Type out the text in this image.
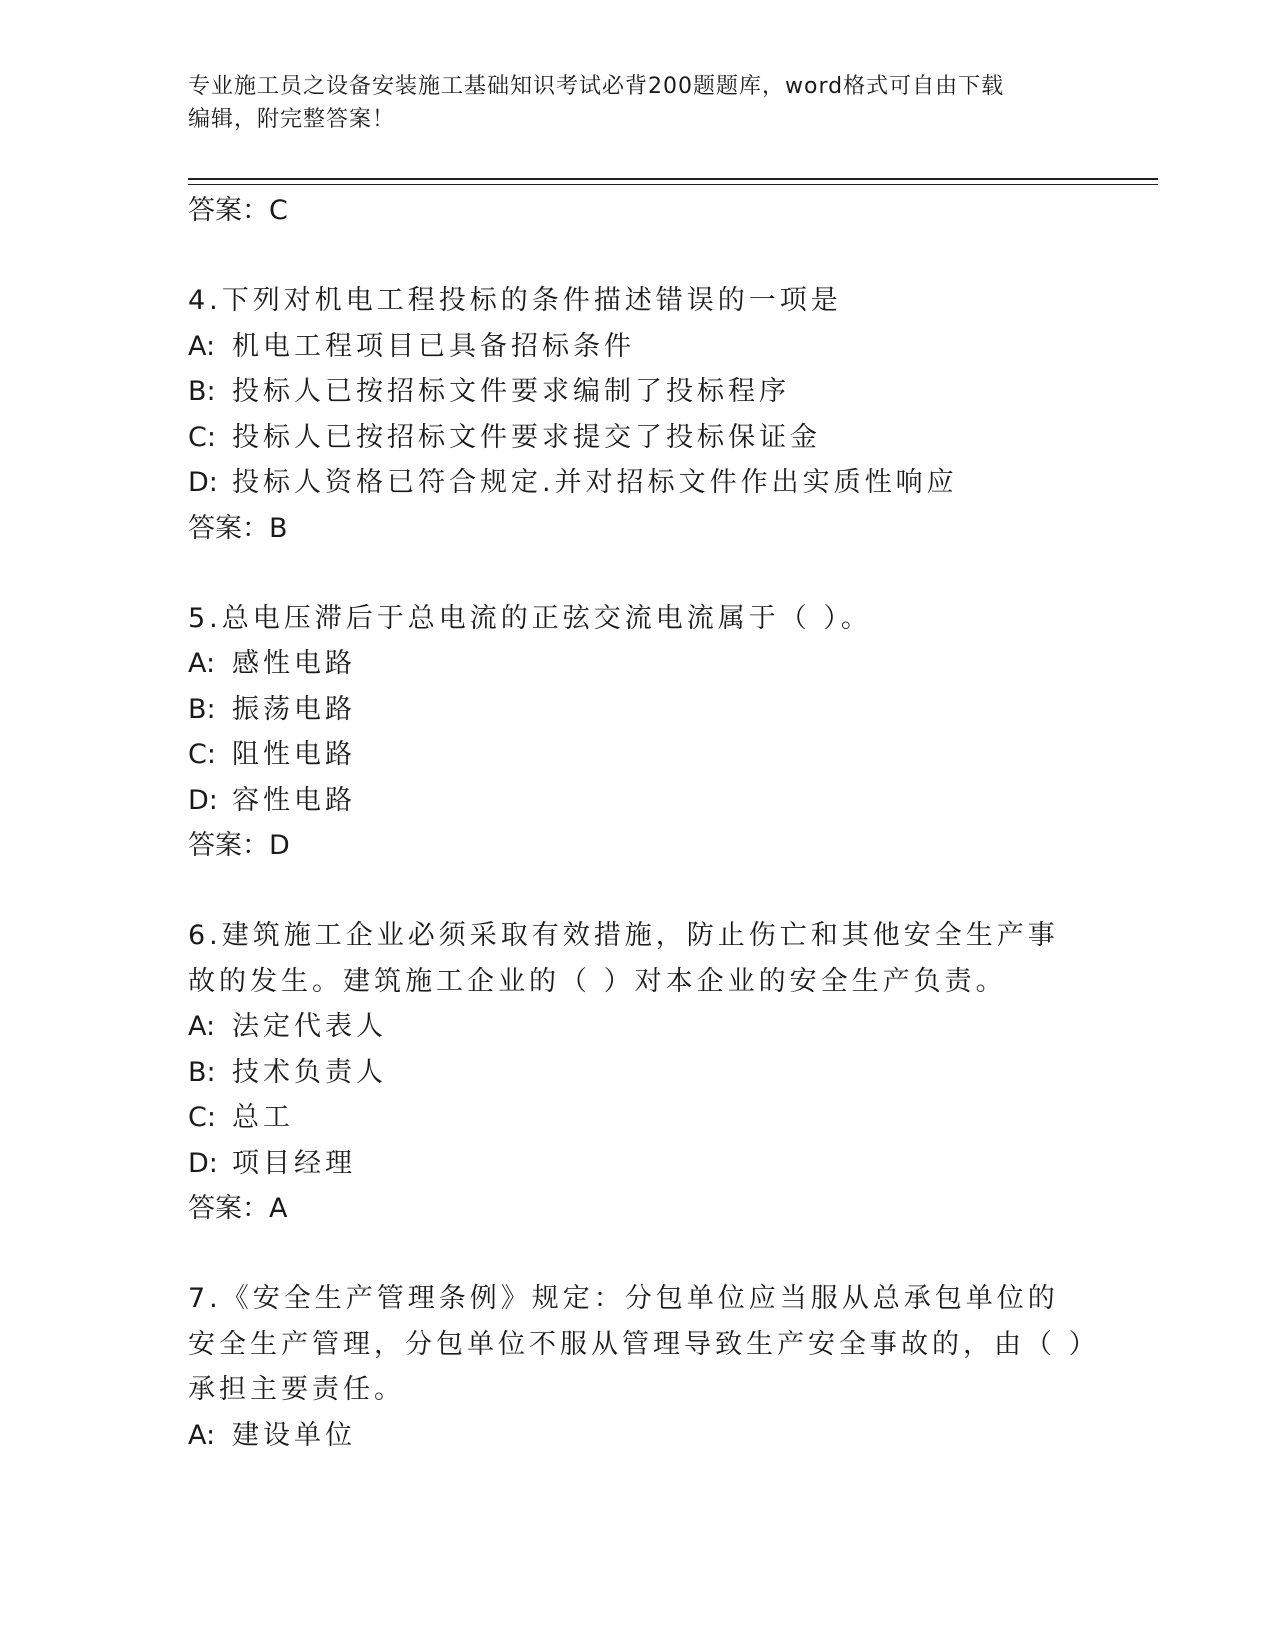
专业施工员之设备安装施工基础知识考试必背200题题库，word格式可自由下载
编辑，附完整答案！

答案：C

4.下列对机电工程投标的条件描述错误的一项是

A: 机电工程项目已具备招标条件

B: 投标人已按招标文件要求编制了投标程序

C: 投标人已按招标文件要求提交了投标保证金

D: 投标人资格已符合规定.并对招标文件作出实质性响应

答案：B

5.总电压滞后于总电流的正弦交流电流属于（ ）。

A: 感性电路

B: 振荡电路

C: 阻性电路

D: 容性电路

答案：D

6.建筑施工企业必须采取有效措施，防止伤亡和其他安全生产事故的发生。建筑施工企业的（ ）对本企业的安全生产负责。

A: 法定代表人

B: 技术负责人

C: 总工

D: 项目经理

答案：A

7.《安全生产管理条例》规定：分包单位应当服从总承包单位的安全生产管理，分包单位不服从管理导致生产安全事故的，由（ ）承担主要责任。

A: 建设单位
